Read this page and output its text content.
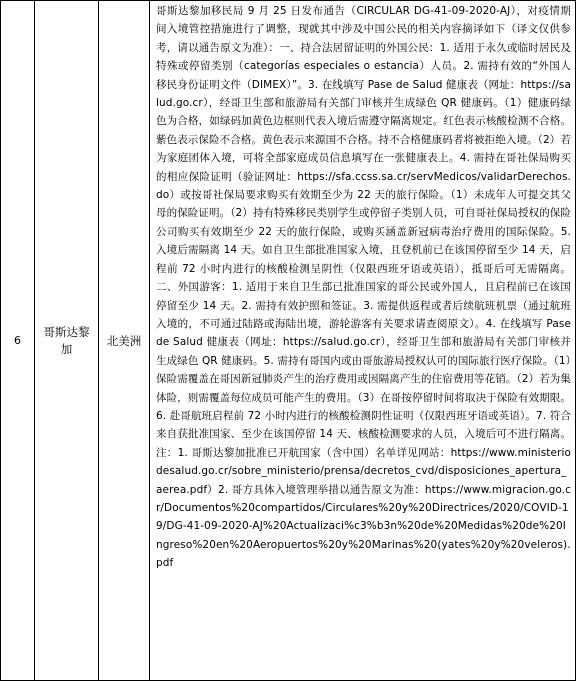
6
哥斯达黎加
北美洲

哥斯达黎加移民局 9 月 25 日发布通告（CIRCULAR DG-41-09-2020-AJ），对疫情期间入境管控措施进行了调整，现就其中涉及中国公民的相关内容摘译如下（译文仅供参考，请以通告原文为准）：一、持合法居留证明的外国公民：1. 适用于永久或临时居民及特殊或停留类别（categorías especiales o estancia）人员。2. 需持有效的“外国人移民身份证明文件（DIMEX）”。3. 在线填写 Pase de Salud 健康表（网址：https://salud.go.cr），经哥卫生部和旅游局有关部门审核并生成绿色 QR 健康码。（1）健康码绿色为合格，如绿码加黄色边框则代表入境后需遵守隔离规定。红色表示核酸检测不合格。紫色表示保险不合格。黄色表示来源国不合格。持不合格健康码者将被拒绝入境。（2）若为家庭团体入境，可将全部家庭成员信息填写在一张健康表上。4. 需持在哥社保局购买的相应保险证明（验证网址：https://sfa.ccss.sa.cr/servMedicos/validarDerechos.do）或按哥社保局要求购买有效期至少为 22 天的旅行保险。（1）未成年人可提交其父母的保险证明。（2）持有特殊移民类别学生或停留子类别人员，可自哥社保局授权的保险公司购买有效期至少 22 天的旅行保险，或购买涵盖新冠病毒治疗费用的国际保险。5. 入境后需隔离 14 天。如自卫生部批准国家入境，且登机前已在该国停留至少 14 天，启程前 72 小时内进行的核酸检测呈阴性（仅限西班牙语或英语），抵哥后可无需隔离。二、外国游客：1. 适用于来自卫生部已批准国家的哥公民或外国人，且启程前已在该国停留至少 14 天。2. 需持有效护照和签证。3. 需提供返程或者后续航班机票（通过航班入境的，不可通过陆路或海陆出境，游轮游客有关要求请查阅原文）。4. 在线填写 Pase de Salud 健康表（网址：https://salud.go.cr），经哥卫生部和旅游局有关部门审核并生成绿色 QR 健康码。5. 需持有哥国内或由哥旅游局授权认可的国际旅行医疗保险。（1）保险需覆盖在哥因新冠肺炎产生的治疗费用或因隔离产生的住宿费用等花销。（2）若为集体险，则需覆盖每位成员可能产生的费用。（3）在哥按停留时间将取决于保险有效期限。6. 赴哥航班启程前 72 小时内进行的核酸检测阴性证明（仅限西班牙语或英语）。7. 符合来自获批准国家、至少在该国停留 14 天、核酸检测要求的人员，入境后可不进行隔离。注：1. 哥斯达黎加批准已开航国家（含中国）名单详见网站：https://www.ministeriodesalud.go.cr/sobre_ministerio/prensa/decretos_cvd/disposiciones_apertura_aerea.pdf）2. 哥方具体入境管理举措以通告原文为准：https://www.migracion.go.cr/Documentos%20compartidos/Circulares%20y%20Directrices/2020/COVID-19/DG-41-09-2020-AJ%20Actualizaci%c3%b3n%20de%20Medidas%20de%20Ingreso%20en%20Aeropuertos%20y%20Marinas%20(yates%20y%20veleros).pdf
